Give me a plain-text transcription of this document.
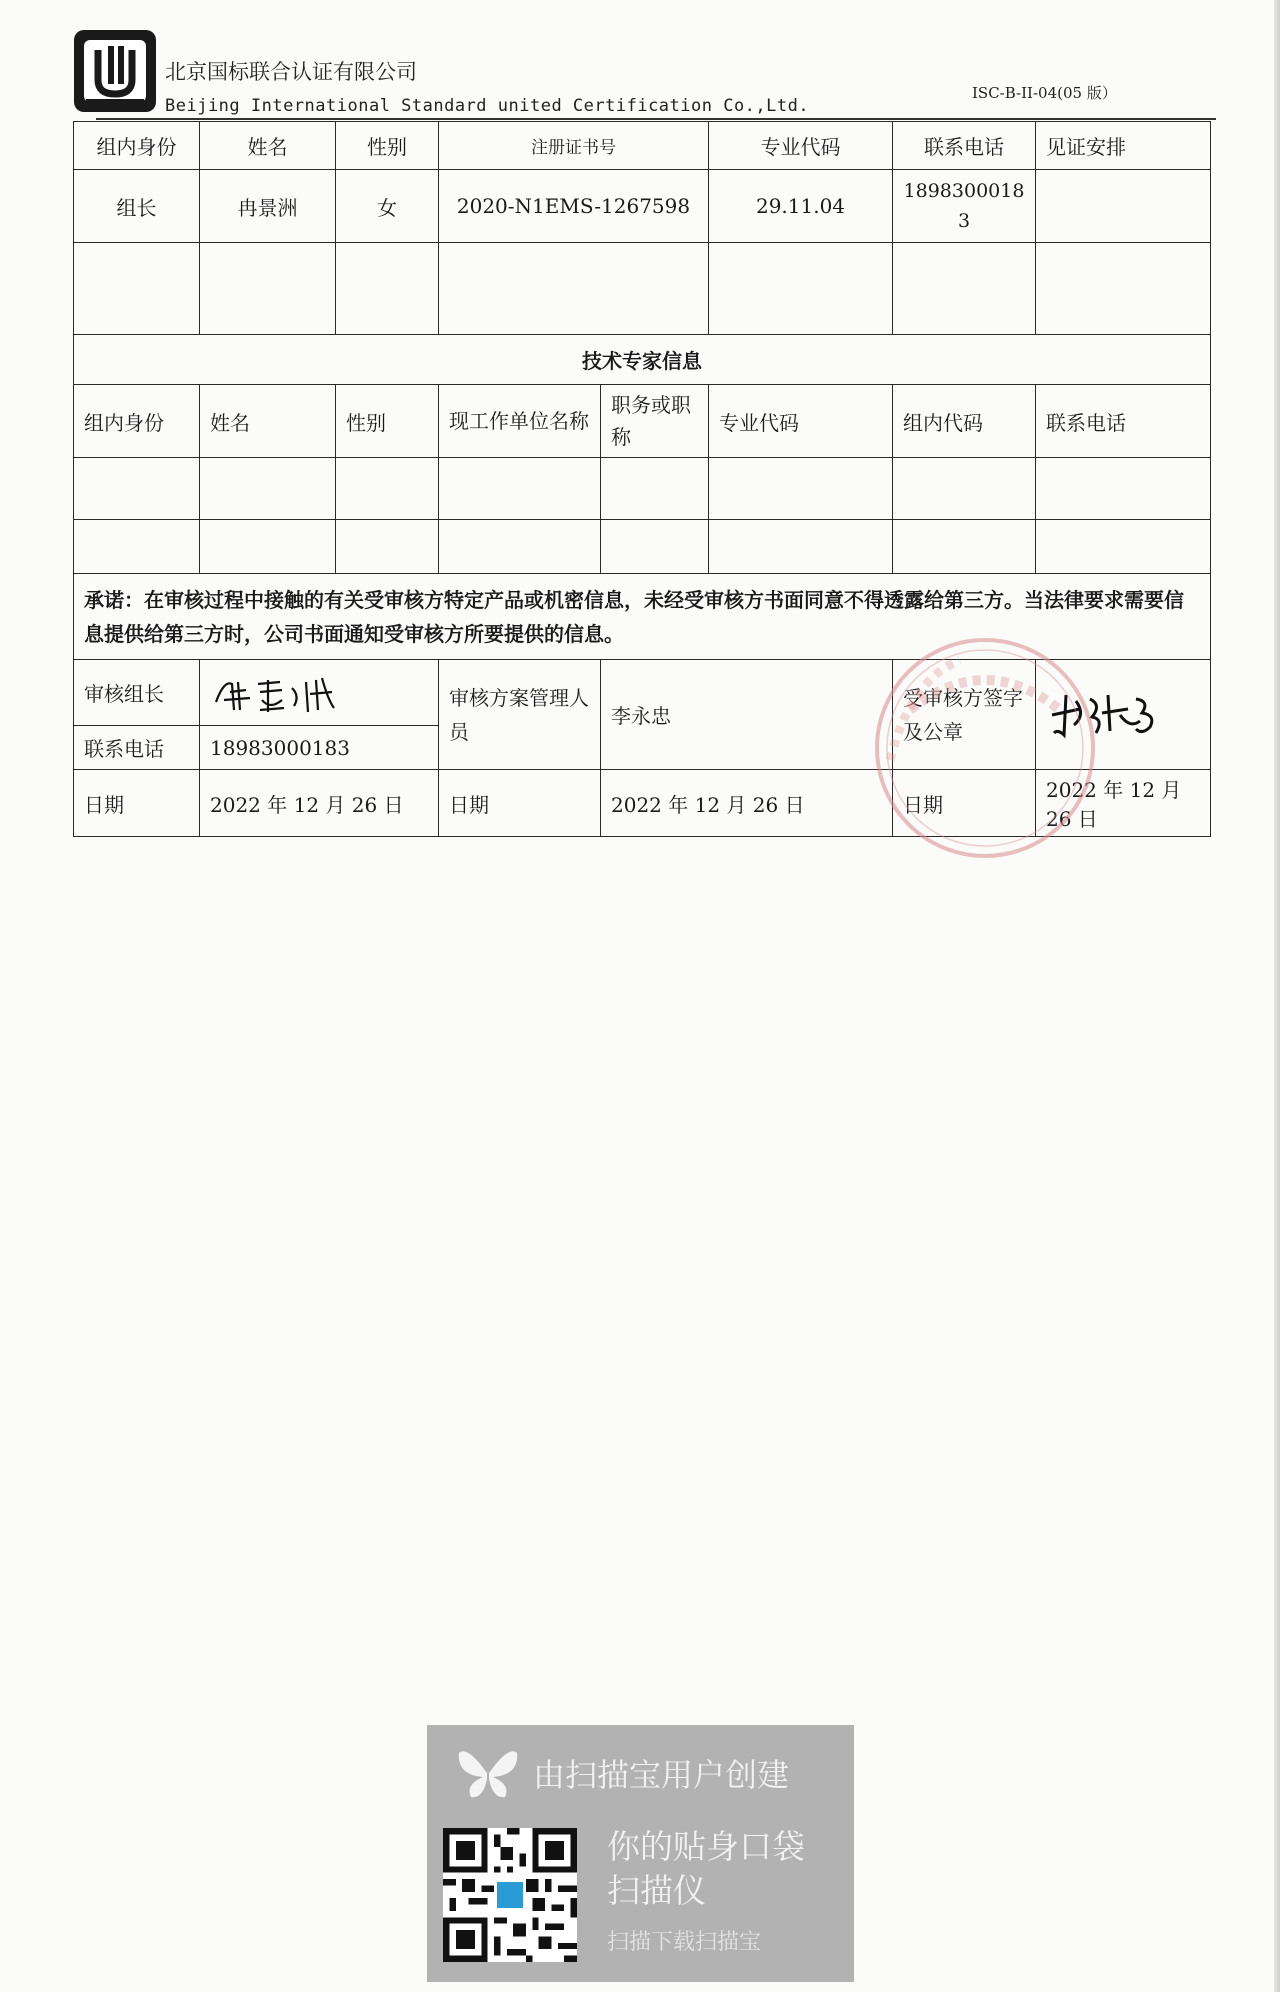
北京国标联合认证有限公司
Beijing International Standard united Certification Co.,Ltd.
ISC-B-II-04(05 版）
组内身份	姓名	性别	注册证书号		专业代码	联系电话	见证安排
组长	冉景洲	女	2020-N1EMS-1267598		29.11.04	18983000183	

技术专家信息							
组内身份	姓名	性别	现工作单位名称	职务或职称	专业代码	组内代码	联系电话

承诺：在审核过程中接触的有关受审核方特定产品或机密信息，未经受审核方书面同意不得透露给第三方。当法律要求需要信息提供给第三方时，公司书面通知受审核方所要提供的信息。							
审核组长			审核方案管理人员	李永忠		受审核方签字及公章	

联系电话	18983000183						
日期	2022 年 12 月 26 日		日期	2022 年 12 月 26 日		日期	2022 年 12 月 26 日
由扫描宝用户创建
你的贴身口袋扫描仪
扫描下载扫描宝
